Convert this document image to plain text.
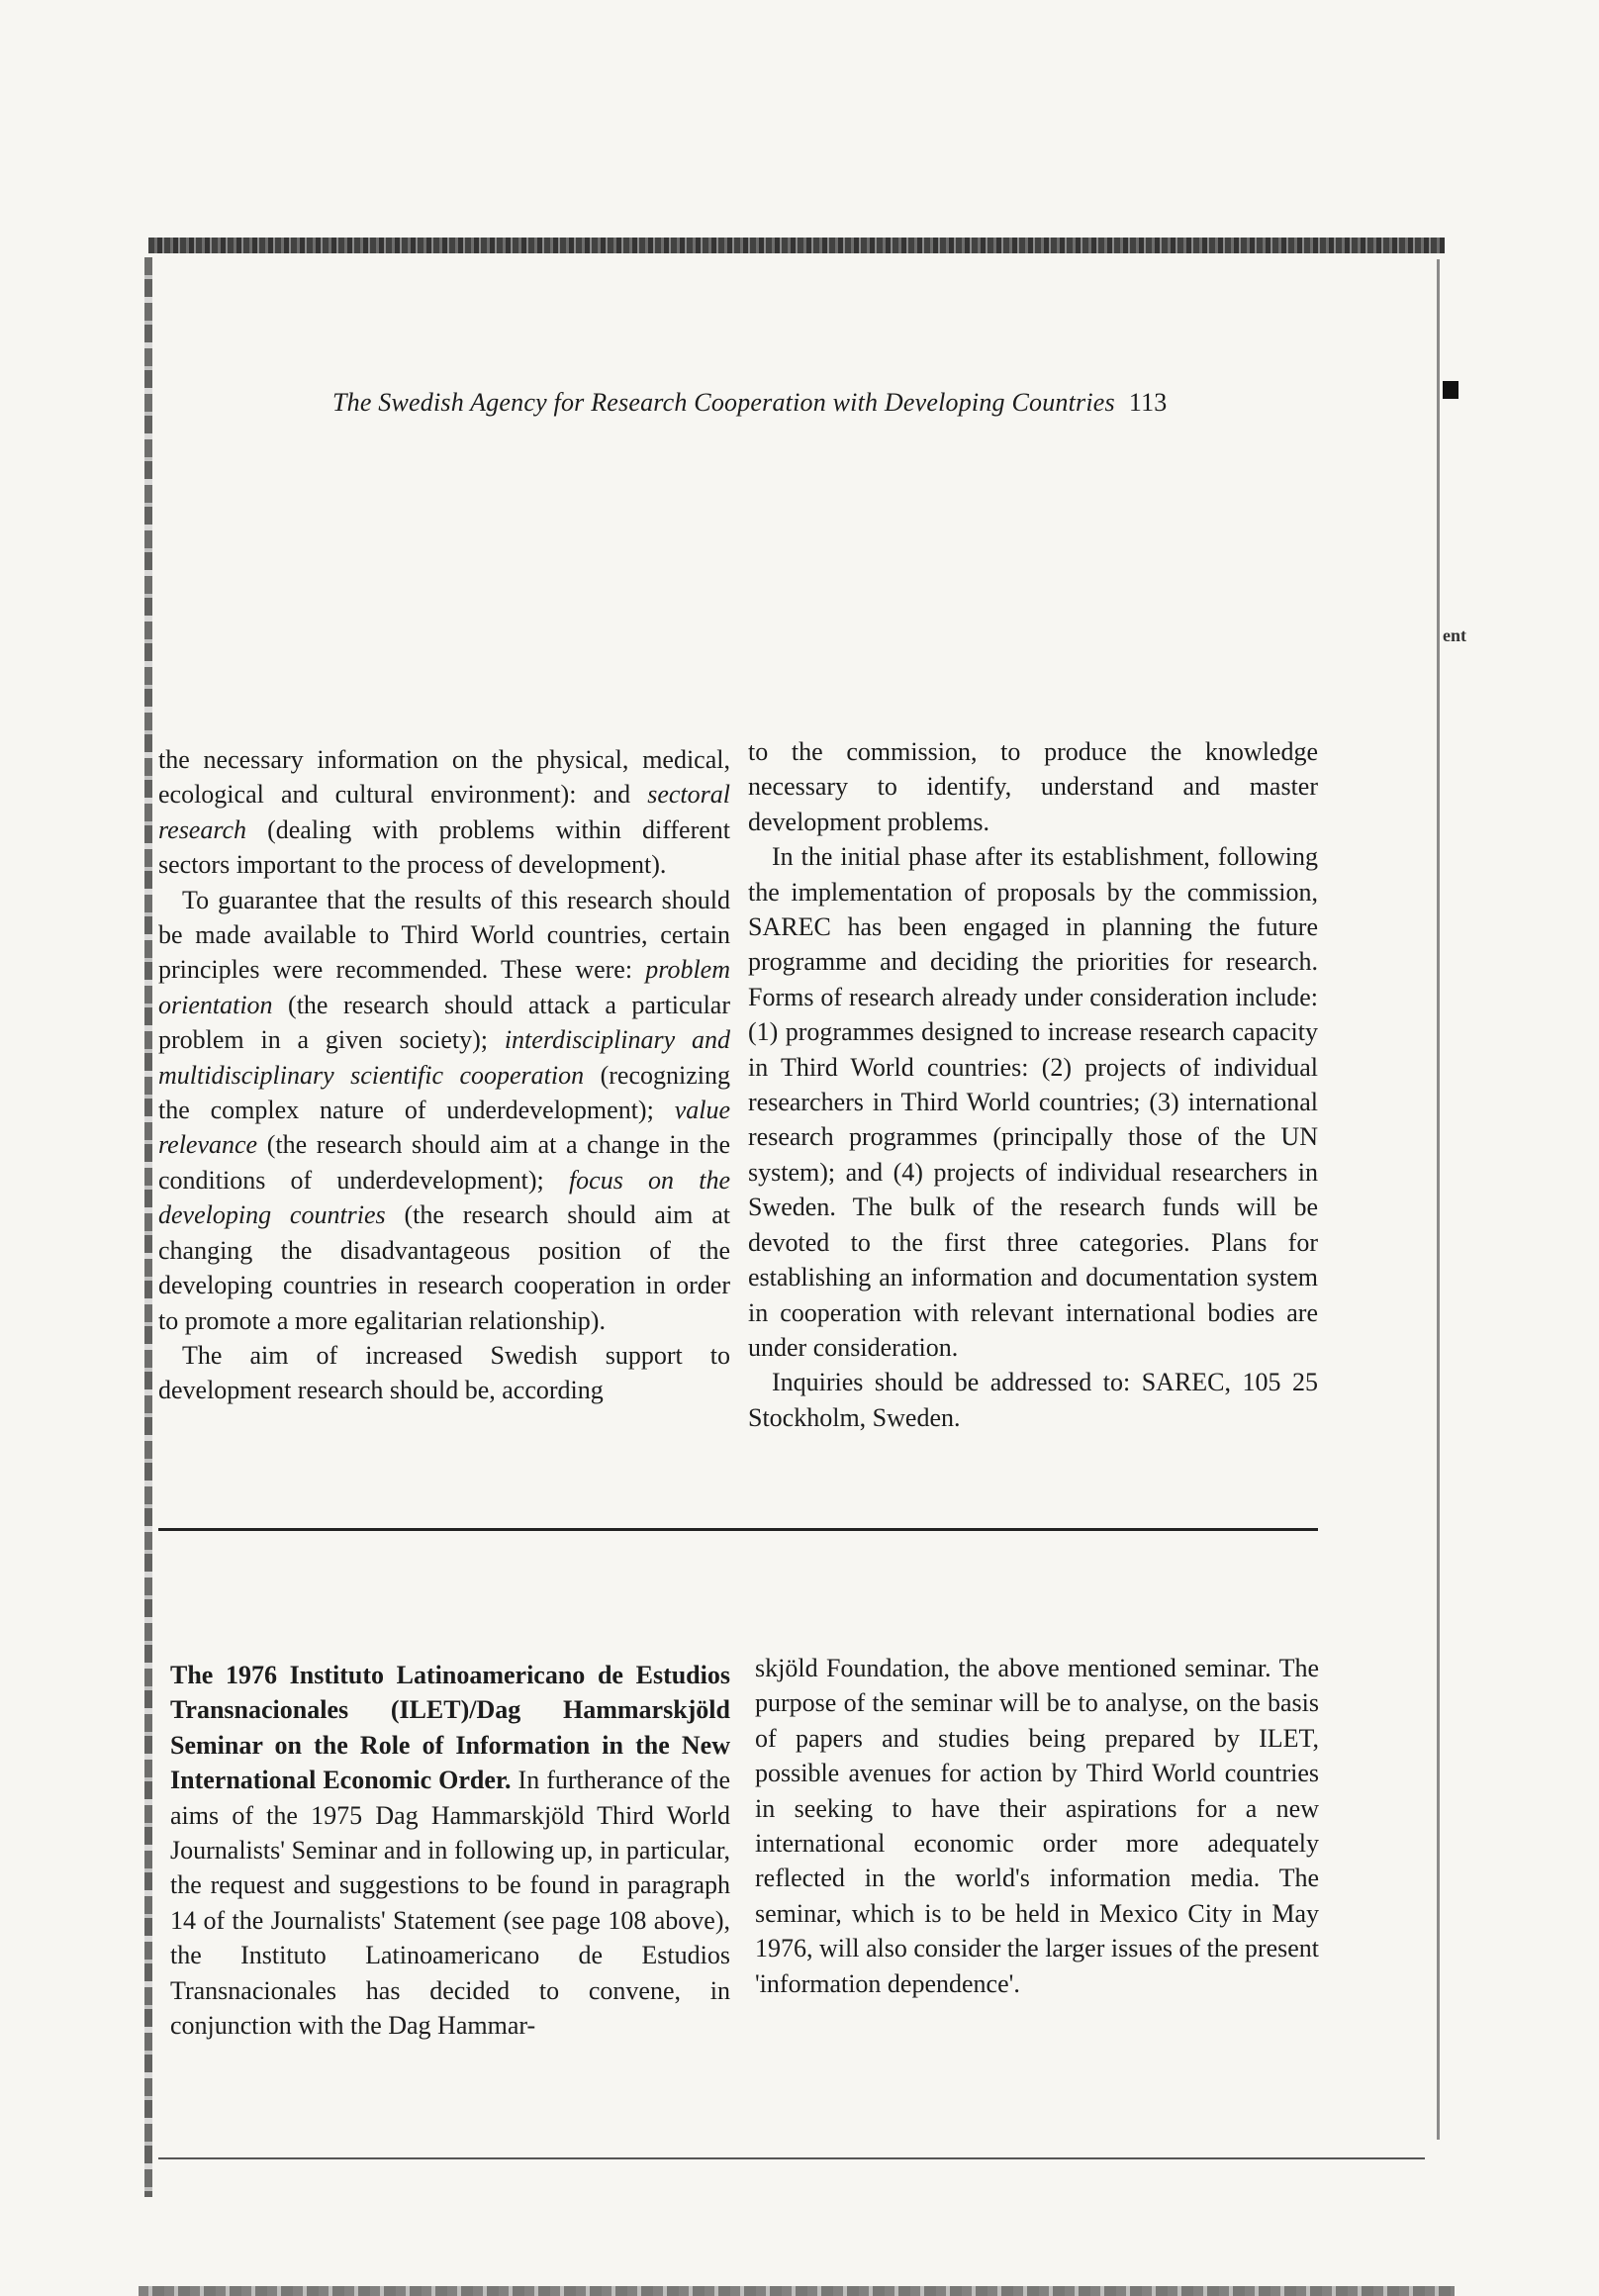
ent
The Swedish Agency for Research Cooperation with Developing Countries 113

the necessary information on the physical, medical, ecological and cultural environment): and sectoral research (dealing with problems within different sectors important to the process of development).

To guarantee that the results of this research should be made available to Third World countries, certain principles were recommended. These were: problem orientation (the research should attack a particular problem in a given society); interdisciplinary and multidisciplinary scientific cooperation (recognizing the complex nature of underdevelopment); value relevance (the research should aim at a change in the conditions of underdevelopment); focus on the developing countries (the research should aim at changing the disadvantageous position of the developing countries in research cooperation in order to promote a more egalitarian relationship).

The aim of increased Swedish support to development research should be, according

to the commission, to produce the knowledge necessary to identify, understand and master development problems.

In the initial phase after its establishment, following the implementation of proposals by the commission, SAREC has been engaged in planning the future programme and deciding the priorities for research. Forms of research already under consideration include: (1) programmes designed to increase research capacity in Third World countries: (2) projects of individual researchers in Third World countries; (3) international research programmes (principally those of the UN system); and (4) projects of individual researchers in Sweden. The bulk of the research funds will be devoted to the first three categories. Plans for establishing an information and documentation system in cooperation with relevant international bodies are under consideration.

Inquiries should be addressed to: SAREC, 105 25 Stockholm, Sweden.

The 1976 Instituto Latinoamericano de Estudios Transnacionales (ILET)/Dag Hammarskjöld Seminar on the Role of Information in the New International Economic Order. In furtherance of the aims of the 1975 Dag Hammarskjöld Third World Journalists' Seminar and in following up, in particular, the request and suggestions to be found in paragraph 14 of the Journalists' Statement (see page 108 above), the Instituto Latinoamericano de Estudios Transnacionales has decided to convene, in conjunction with the Dag Hammar-

skjöld Foundation, the above mentioned seminar. The purpose of the seminar will be to analyse, on the basis of papers and studies being prepared by ILET, possible avenues for action by Third World countries in seeking to have their aspirations for a new international economic order more adequately reflected in the world's information media. The seminar, which is to be held in Mexico City in May 1976, will also consider the larger issues of the present 'information dependence'.
